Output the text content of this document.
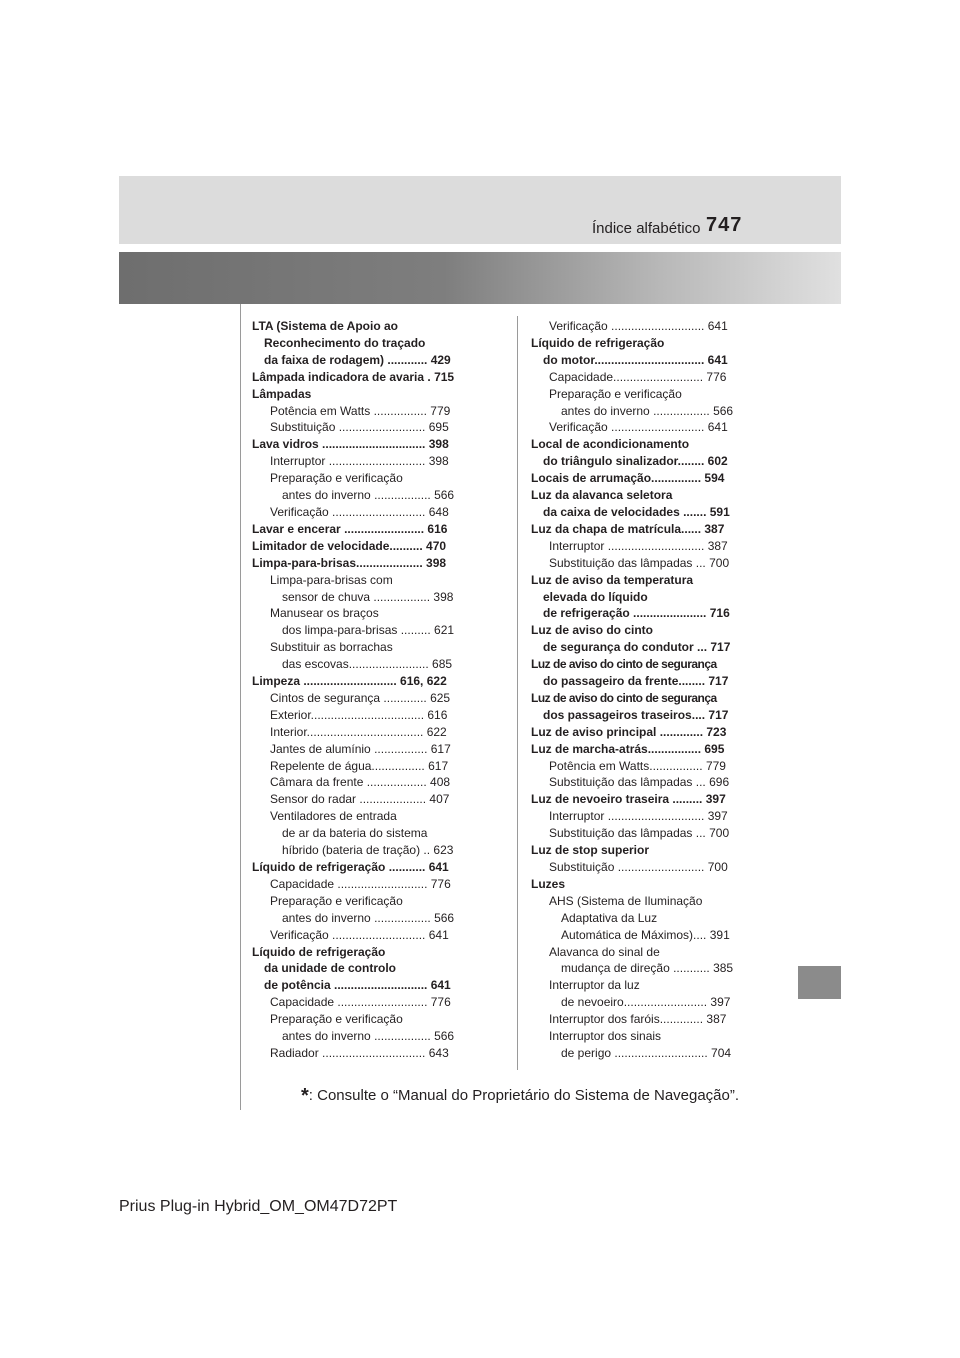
Índice alfabético 747
LTA (Sistema de Apoio ao
Reconhecimento do traçado
da faixa de rodagem) ............ 429
Lâmpada indicadora de avaria . 715
Lâmpadas
Potência em Watts ................ 779
Substituição .......................... 695
Lava vidros ............................... 398
Interruptor ............................. 398
Preparação e verificação
antes do inverno ................. 566
Verificação ............................ 648
Lavar e encerar ........................ 616
Limitador de velocidade.......... 470
Limpa-para-brisas.................... 398
Limpa-para-brisas com
sensor de chuva ................. 398
Manusear os braços
dos limpa-para-brisas ......... 621
Substituir as borrachas
das escovas........................ 685
Limpeza ............................ 616, 622
Cintos de segurança ............. 625
Exterior.................................. 616
Interior................................... 622
Jantes de alumínio ................ 617
Repelente de água................ 617
Câmara da frente .................. 408
Sensor do radar .................... 407
Ventiladores de entrada
de ar da bateria do sistema
híbrido (bateria de tração) .. 623
Líquido de refrigeração ........... 641
Capacidade ........................... 776
Preparação e verificação
antes do inverno ................. 566
Verificação ............................ 641
Líquido de refrigeração
da unidade de controlo
de potência ............................ 641
Capacidade ........................... 776
Preparação e verificação
antes do inverno ................. 566
Radiador ............................... 643
Verificação ............................ 641
Líquido de refrigeração
do motor................................. 641
Capacidade........................... 776
Preparação e verificação
antes do inverno ................. 566
Verificação ............................ 641
Local de acondicionamento
do triângulo sinalizador........ 602
Locais de arrumação............... 594
Luz da alavanca seletora
da caixa de velocidades ....... 591
Luz da chapa de matrícula...... 387
Interruptor ............................. 387
Substituição das lâmpadas ... 700
Luz de aviso da temperatura
elevada do líquido
de refrigeração ...................... 716
Luz de aviso do cinto
de segurança do condutor ... 717
Luz de aviso do cinto de segurança
do passageiro da frente........ 717
Luz de aviso do cinto de segurança
dos passageiros traseiros.... 717
Luz de aviso principal ............. 723
Luz de marcha-atrás................ 695
Potência em Watts................ 779
Substituição das lâmpadas ... 696
Luz de nevoeiro traseira ......... 397
Interruptor ............................. 397
Substituição das lâmpadas ... 700
Luz de stop superior
Substituição .......................... 700
Luzes
AHS (Sistema de Iluminação
Adaptativa da Luz
Automática de Máximos).... 391
Alavanca do sinal de
mudança de direção ........... 385
Interruptor da luz
de nevoeiro......................... 397
Interruptor dos faróis............. 387
Interruptor dos sinais
de perigo ............................ 704
*: Consulte o “Manual do Proprietário do Sistema de Navegação”.
Prius Plug-in Hybrid_OM_OM47D72PT
